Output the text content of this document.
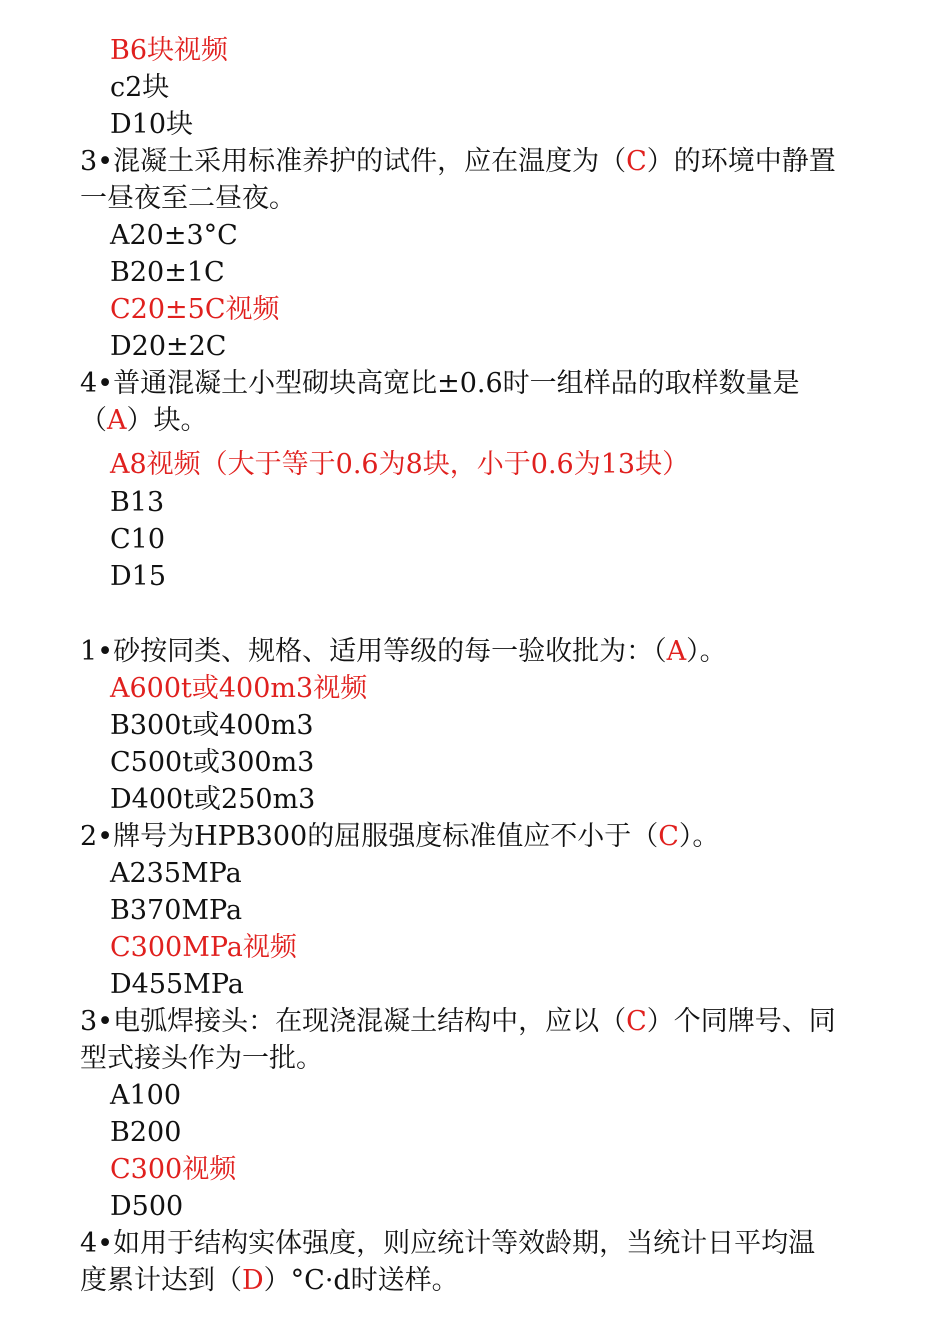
B6块视频
c2块
D10块
3•混凝土采用标准养护的试件，应在温度为（C）的环境中静置
一昼夜至二昼夜。
A20±3°C
B20±1C
C20±5C视频
D20±2C
4•普通混凝土小型砌块高宽比±0.6时一组样品的取样数量是
（A）块。
A8视频（大于等于0.6为8块，小于0.6为13块）
B13
C10
D15
1•砂按同类、规格、适用等级的每一验收批为：（A）。
A600t或400m3视频
B300t或400m3
C500t或300m3
D400t或250m3
2•牌号为HPB300的屈服强度标准值应不小于（C）。
A235MPa
B370MPa
C300MPa视频
D455MPa
3•电弧焊接头：在现浇混凝土结构中，应以（C）个同牌号、同
型式接头作为一批。
A100
B200
C300视频
D500
4•如用于结构实体强度，则应统计等效龄期，当统计日平均温
度累计达到（D）°C·d时送样。
